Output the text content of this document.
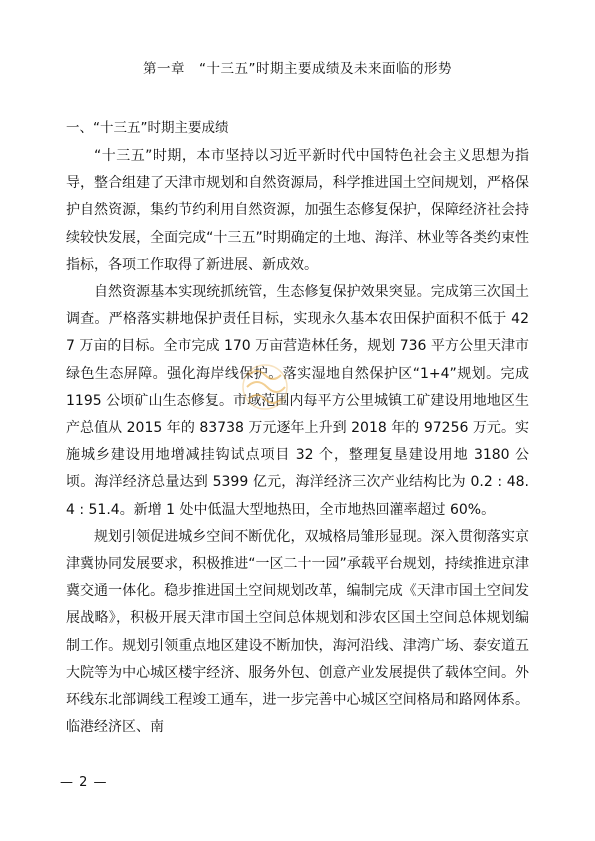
第一章　“十三五”时期主要成绩及未来面临的形势
一、“十三五”时期主要成绩

“十三五”时期，本市坚持以习近平新时代中国特色社会主义思想为指导，整合组建了天津市规划和自然资源局，科学推进国土空间规划，严格保护自然资源，集约节约利用自然资源，加强生态修复保护，保障经济社会持续较快发展，全面完成“十三五”时期确定的土地、海洋、林业等各类约束性指标，各项工作取得了新进展、新成效。

自然资源基本实现统抓统管，生态修复保护效果突显。完成第三次国土调查。严格落实耕地保护责任目标，实现永久基本农田保护面积不低于 427 万亩的目标。全市完成 170 万亩营造林任务，规划 736 平方公里天津市绿色生态屏障。强化海岸线保护。落实湿地自然保护区“1+4”规划。完成 1195 公顷矿山生态修复。市域范围内每平方公里城镇工矿建设用地地区生产总值从 2015 年的 83738 万元逐年上升到 2018 年的 97256 万元。实施城乡建设用地增减挂钩试点项目 32 个，整理复垦建设用地 3180 公顷。海洋经济总量达到 5399 亿元，海洋经济三次产业结构比为 0.2 : 48.4 : 51.4。新增 1 处中低温大型地热田，全市地热回灌率超过 60%。

规划引领促进城乡空间不断优化，双城格局雏形显现。深入贯彻落实京津冀协同发展要求，积极推进“一区二十一园”承载平台规划，持续推进京津冀交通一体化。稳步推进国土空间规划改革，编制完成《天津市国土空间发展战略》，积极开展天津市国土空间总体规划和涉农区国土空间总体规划编制工作。规划引领重点地区建设不断加快，海河沿线、津湾广场、泰安道五大院等为中心城区楼宇经济、服务外包、创意产业发展提供了载体空间。外环线东北部调线工程竣工通车，进一步完善中心城区空间格局和路网体系。临港经济区、南

— 2 —
